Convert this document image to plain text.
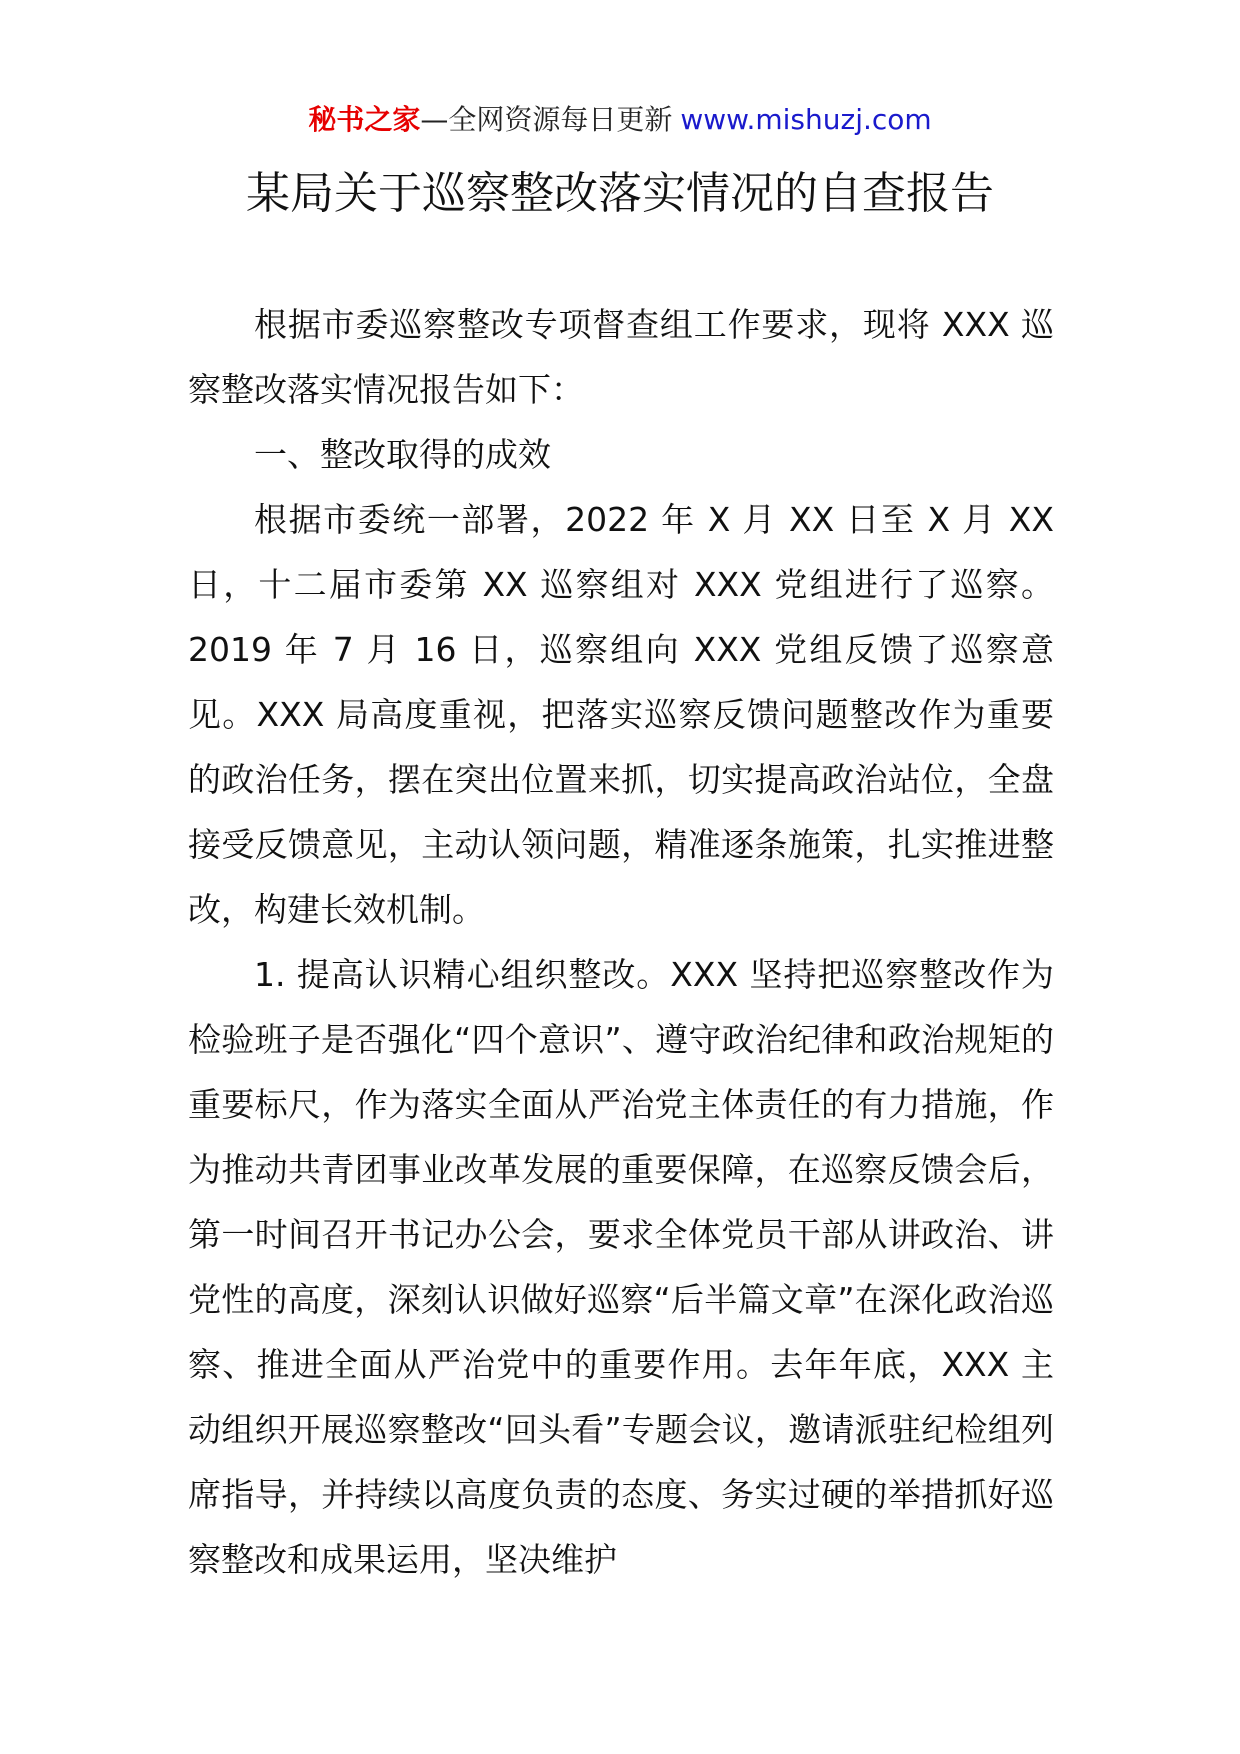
秘书之家—全网资源每日更新 www.mishuzj.com
某局关于巡察整改落实情况的自查报告

根据市委巡察整改专项督查组工作要求，现将 XXX 巡察整改落实情况报告如下：

一、整改取得的成效

根据市委统一部署，2022 年 X 月 XX 日至 X 月 XX 日，十二届市委第 XX 巡察组对 XXX 党组进行了巡察。2019 年 7 月 16 日，巡察组向 XXX 党组反馈了巡察意见。XXX 局高度重视，把落实巡察反馈问题整改作为重要的政治任务，摆在突出位置来抓，切实提高政治站位，全盘接受反馈意见，主动认领问题，精准逐条施策，扎实推进整改，构建长效机制。

1. 提高认识精心组织整改。XXX 坚持把巡察整改作为检验班子是否强化“四个意识”、遵守政治纪律和政治规矩的重要标尺，作为落实全面从严治党主体责任的有力措施，作为推动共青团事业改革发展的重要保障，在巡察反馈会后，第一时间召开书记办公会，要求全体党员干部从讲政治、讲党性的高度，深刻认识做好巡察“后半篇文章”在深化政治巡察、推进全面从严治党中的重要作用。去年年底，XXX 主动组织开展巡察整改“回头看”专题会议，邀请派驻纪检组列席指导，并持续以高度负责的态度、务实过硬的举措抓好巡察整改和成果运用，坚决维护
